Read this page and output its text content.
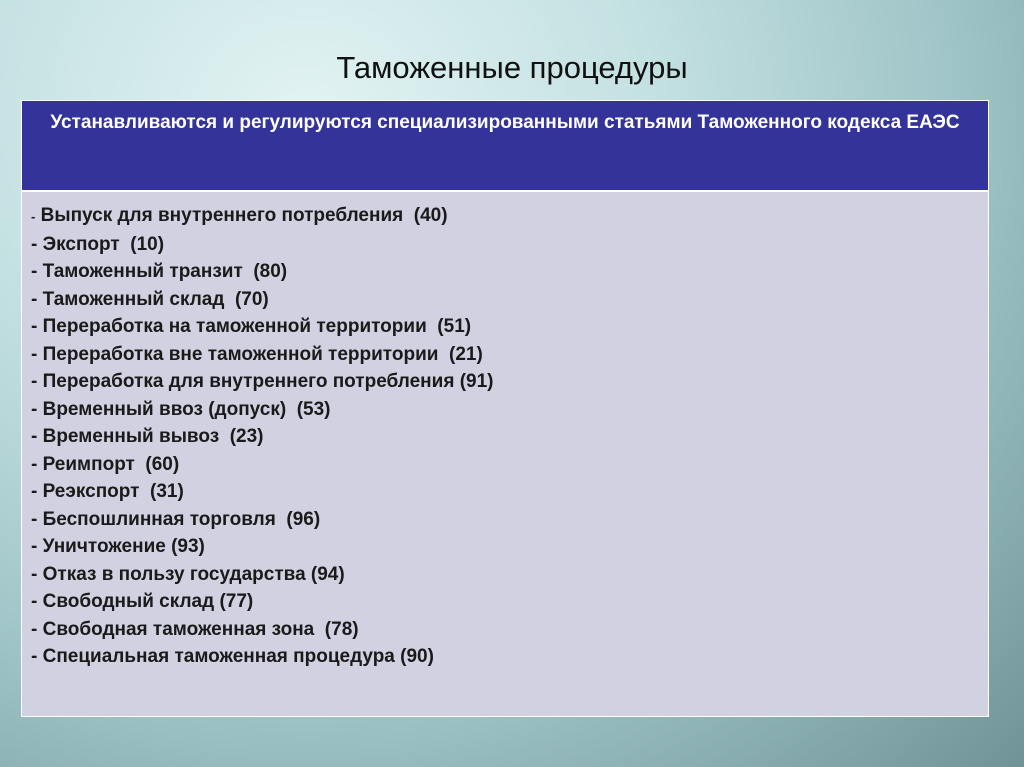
Таможенные процедуры
Устанавливаются и регулируются специализированными статьями Таможенного кодекса ЕАЭС
- Выпуск для внутреннего потребления  (40)
- Экспорт  (10)
- Таможенный транзит  (80)
- Таможенный склад  (70)
- Переработка на таможенной территории  (51)
- Переработка вне таможенной территории  (21)
- Переработка для внутреннего потребления (91)
- Временный ввоз (допуск)  (53)
- Временный вывоз  (23)
- Реимпорт  (60)
- Реэкспорт  (31)
- Беспошлинная торговля  (96)
- Уничтожение (93)
- Отказ в пользу государства (94)
- Свободный склад (77)
- Свободная таможенная зона  (78)
- Специальная таможенная процедура (90)
